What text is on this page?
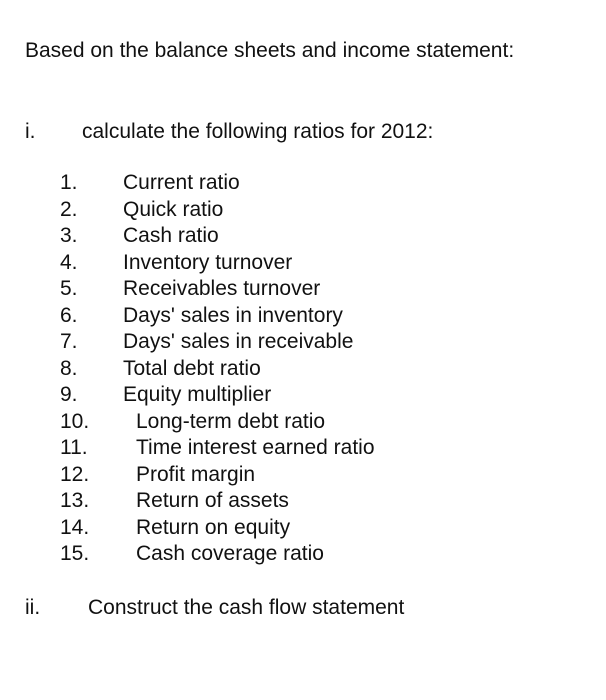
Based on the balance sheets and income statement:
i. calculate the following ratios for 2012:
1. Current ratio
2. Quick ratio
3. Cash ratio
4. Inventory turnover
5. Receivables turnover
6. Days' sales in inventory
7. Days' sales in receivable
8. Total debt ratio
9. Equity multiplier
10. Long-term debt ratio
11. Time interest earned ratio
12. Profit margin
13. Return of assets
14. Return on equity
15. Cash coverage ratio
ii. Construct the cash flow statement
